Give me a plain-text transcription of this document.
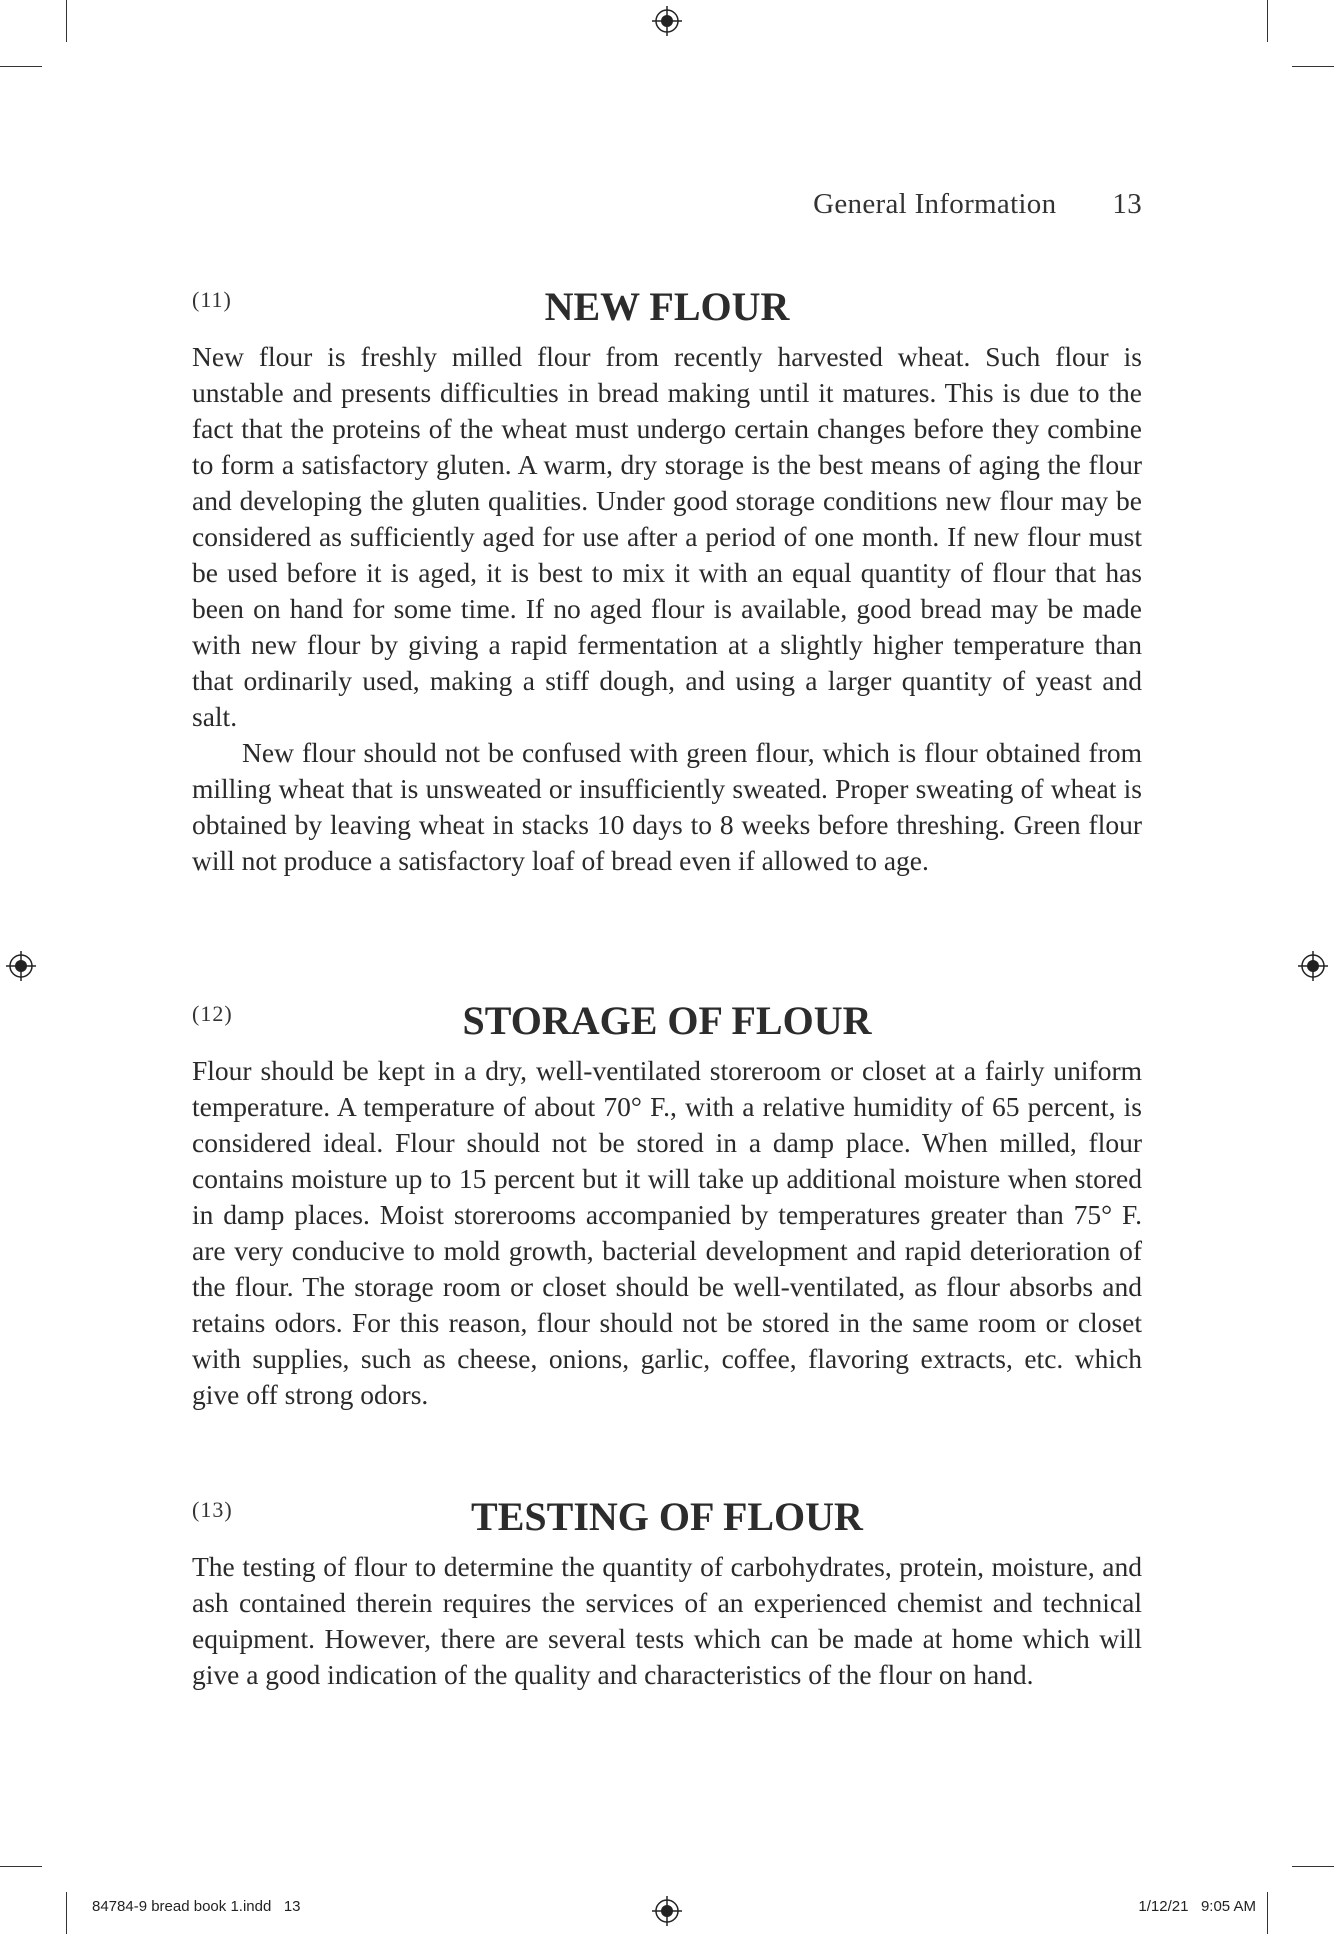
General Information 13
(11)	NEW FLOUR

New flour is freshly milled flour from recently harvested wheat. Such flour is unstable and presents difficulties in bread making until it matures. This is due to the fact that the proteins of the wheat must undergo certain changes before they combine to form a satisfactory gluten. A warm, dry storage is the best means of aging the flour and developing the gluten qualities. Under good storage conditions new flour may be considered as sufficiently aged for use after a period of one month. If new flour must be used before it is aged, it is best to mix it with an equal quantity of flour that has been on hand for some time. If no aged flour is available, good bread may be made with new flour by giving a rapid fermentation at a slightly higher temperature than that ordinarily used, making a stiff dough, and using a larger quantity of yeast and salt.

New flour should not be confused with green flour, which is flour obtained from milling wheat that is unsweated or insufficiently sweated. Proper sweating of wheat is obtained by leaving wheat in stacks 10 days to 8 weeks before threshing. Green flour will not produce a satisfactory loaf of bread even if allowed to age.

(12)	STORAGE OF FLOUR

Flour should be kept in a dry, well-ventilated storeroom or closet at a fairly uniform temperature. A temperature of about 70° F., with a relative humidity of 65 percent, is considered ideal. Flour should not be stored in a damp place. When milled, flour contains moisture up to 15 percent but it will take up additional moisture when stored in damp places. Moist storerooms accompanied by temperatures greater than 75° F. are very conducive to mold growth, bacterial development and rapid deterioration of the flour. The storage room or closet should be well-ventilated, as flour absorbs and retains odors. For this reason, flour should not be stored in the same room or closet with supplies, such as cheese, onions, garlic, coffee, flavoring extracts, etc. which give off strong odors.

(13)	TESTING OF FLOUR

The testing of flour to determine the quantity of carbohydrates, protein, moisture, and ash contained therein requires the services of an experienced chemist and technical equipment. However, there are several tests which can be made at home which will give a good indication of the quality and characteristics of the flour on hand.

84784-9 bread book 1.indd   13	1/12/21   9:05 AM
